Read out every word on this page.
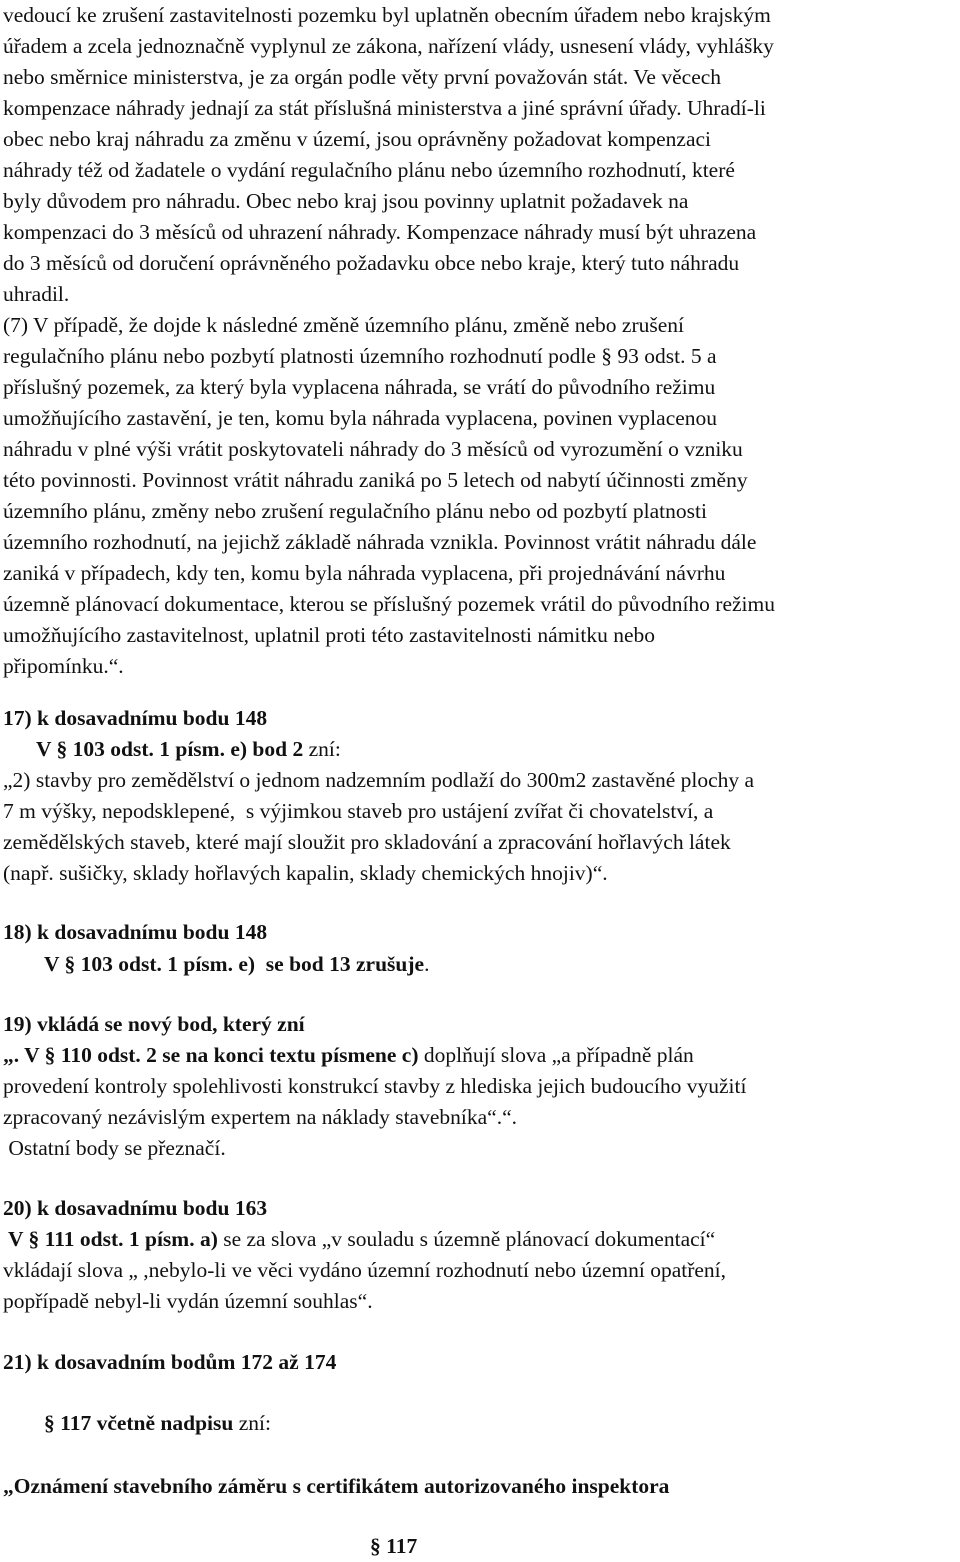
vedoucí ke zrušení zastavitelnosti pozemku byl uplatněn obecním úřadem nebo krajským
úřadem a zcela jednoznačně vyplynul ze zákona, nařízení vlády, usnesení vlády, vyhlášky
nebo směrnice ministerstva, je za orgán podle věty první považován stát. Ve věcech
kompenzace náhrady jednají za stát příslušná ministerstva a jiné správní úřady. Uhradí-li
obec nebo kraj náhradu za změnu v území, jsou oprávněny požadovat kompenzaci
náhrady též od žadatele o vydání regulačního plánu nebo územního rozhodnutí, které
byly důvodem pro náhradu. Obec nebo kraj jsou povinny uplatnit požadavek na
kompenzaci do 3 měsíců od uhrazení náhrady. Kompenzace náhrady musí být uhrazena
do 3 měsíců od doručení oprávněného požadavku obce nebo kraje, který tuto náhradu
uhradil.
(7) V případě, že dojde k následné změně územního plánu, změně nebo zrušení
regulačního plánu nebo pozbytí platnosti územního rozhodnutí podle § 93 odst. 5 a
příslušný pozemek, za který byla vyplacena náhrada, se vrátí do původního režimu
umožňujícího zastavění, je ten, komu byla náhrada vyplacena, povinen vyplacenou
náhradu v plné výši vrátit poskytovateli náhrady do 3 měsíců od vyrozumění o vzniku
této povinnosti. Povinnost vrátit náhradu zaniká po 5 letech od nabytí účinnosti změny
územního plánu, změny nebo zrušení regulačního plánu nebo od pozbytí platnosti
územního rozhodnutí, na jejichž základě náhrada vznikla. Povinnost vrátit náhradu dále
zaniká v případech, kdy ten, komu byla náhrada vyplacena, při projednávání návrhu
územně plánovací dokumentace, kterou se příslušný pozemek vrátil do původního režimu
umožňujícího zastavitelnost, uplatnil proti této zastavitelnosti námitku nebo
připomínku.“.
17) k dosavadnímu bodu 148
V § 103 odst. 1 písm. e) bod 2 zní:
„2) stavby pro zemědělství o jednom nadzemním podlaží do 300m2 zastavěné plochy a
7 m výšky, nepodsklepené,  s výjimkou staveb pro ustájení zvířat či chovatelství, a
zemědělských staveb, které mají sloužit pro skladování a zpracování hořlavých látek
(např. sušičky, sklady hořlavých kapalin, sklady chemických hnojiv)“.
18) k dosavadnímu bodu 148
V § 103 odst. 1 písm. e)  se bod 13 zrušuje.
19) vkládá se nový bod, který zní
„. V § 110 odst. 2 se na konci textu písmene c) doplňují slova „a případně plán
provedení kontroly spolehlivosti konstrukcí stavby z hlediska jejich budoucího využití
zpracovaný nezávislým expertem na náklady stavebníka“.“.
Ostatní body se přeznačí.
20) k dosavadnímu bodu 163
V § 111 odst. 1 písm. a) se za slova „v souladu s územně plánovací dokumentací“
vkládají slova „ ,nebylo-li ve věci vydáno územní rozhodnutí nebo územní opatření,
popřípadě nebyl-li vydán územní souhlas“.
21) k dosavadním bodům 172 až 174
§ 117 včetně nadpisu zní:
„Oznámení stavebního záměru s certifikátem autorizovaného inspektora
§ 117
